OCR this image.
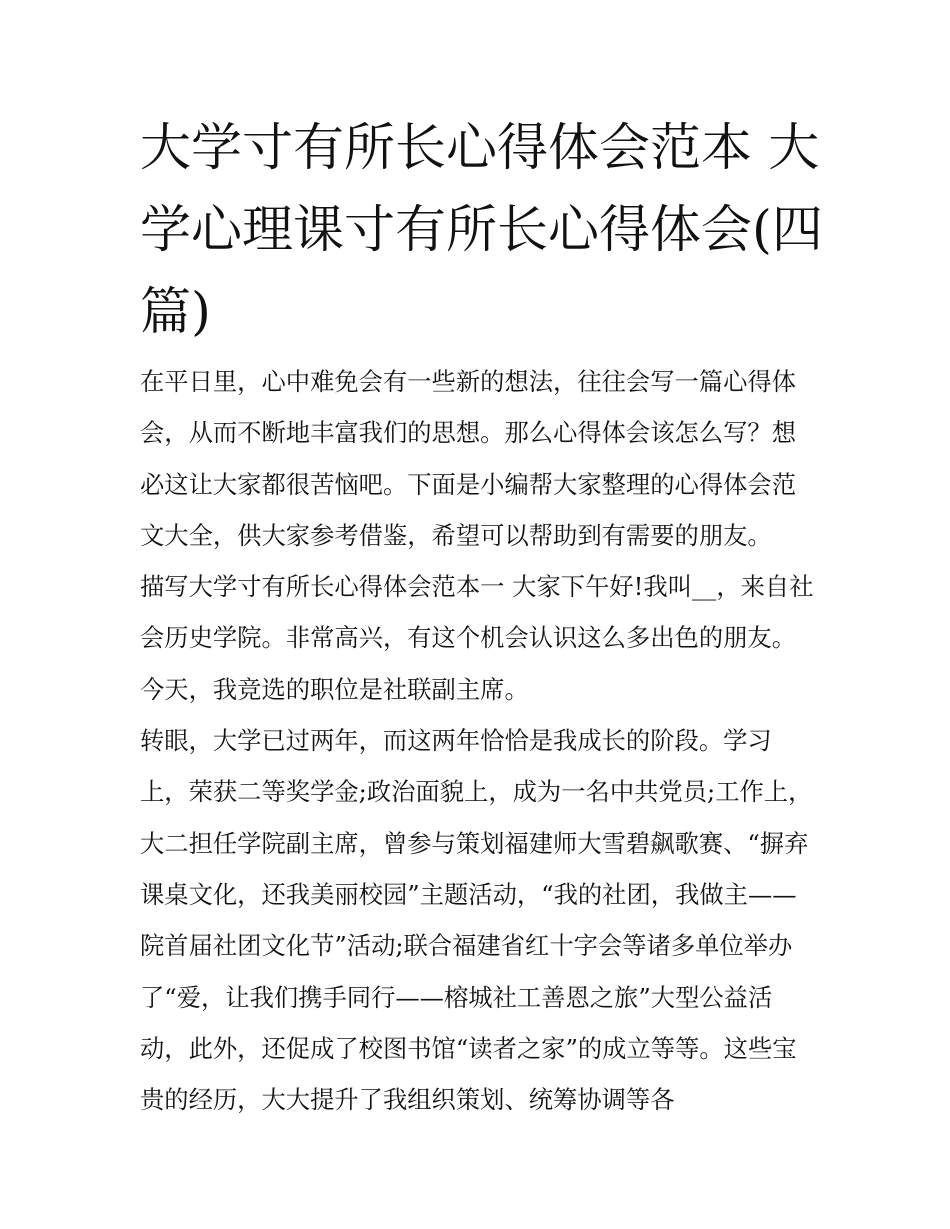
大学寸有所长心得体会范本 大学心理课寸有所长心得体会(四篇)

在平日里，心中难免会有一些新的想法，往往会写一篇心得体会，从而不断地丰富我们的思想。那么心得体会该怎么写？想必这让大家都很苦恼吧。下面是小编帮大家整理的心得体会范文大全，供大家参考借鉴，希望可以帮助到有需要的朋友。

描写大学寸有所长心得体会范本一 大家下午好!我叫__，来自社会历史学院。非常高兴，有这个机会认识这么多出色的朋友。今天，我竞选的职位是社联副主席。

转眼，大学已过两年，而这两年恰恰是我成长的阶段。学习上，荣获二等奖学金;政治面貌上，成为一名中共党员;工作上，大二担任学院副主席，曾参与策划福建师大雪碧飙歌赛、“摒弃课桌文化，还我美丽校园”主题活动，“我的社团，我做主——院首届社团文化节”活动;联合福建省红十字会等诸多单位举办了“爱，让我们携手同行——榕城社工善恩之旅”大型公益活动，此外，还促成了校图书馆“读者之家”的成立等等。这些宝贵的经历，大大提升了我组织策划、统筹协调等各
